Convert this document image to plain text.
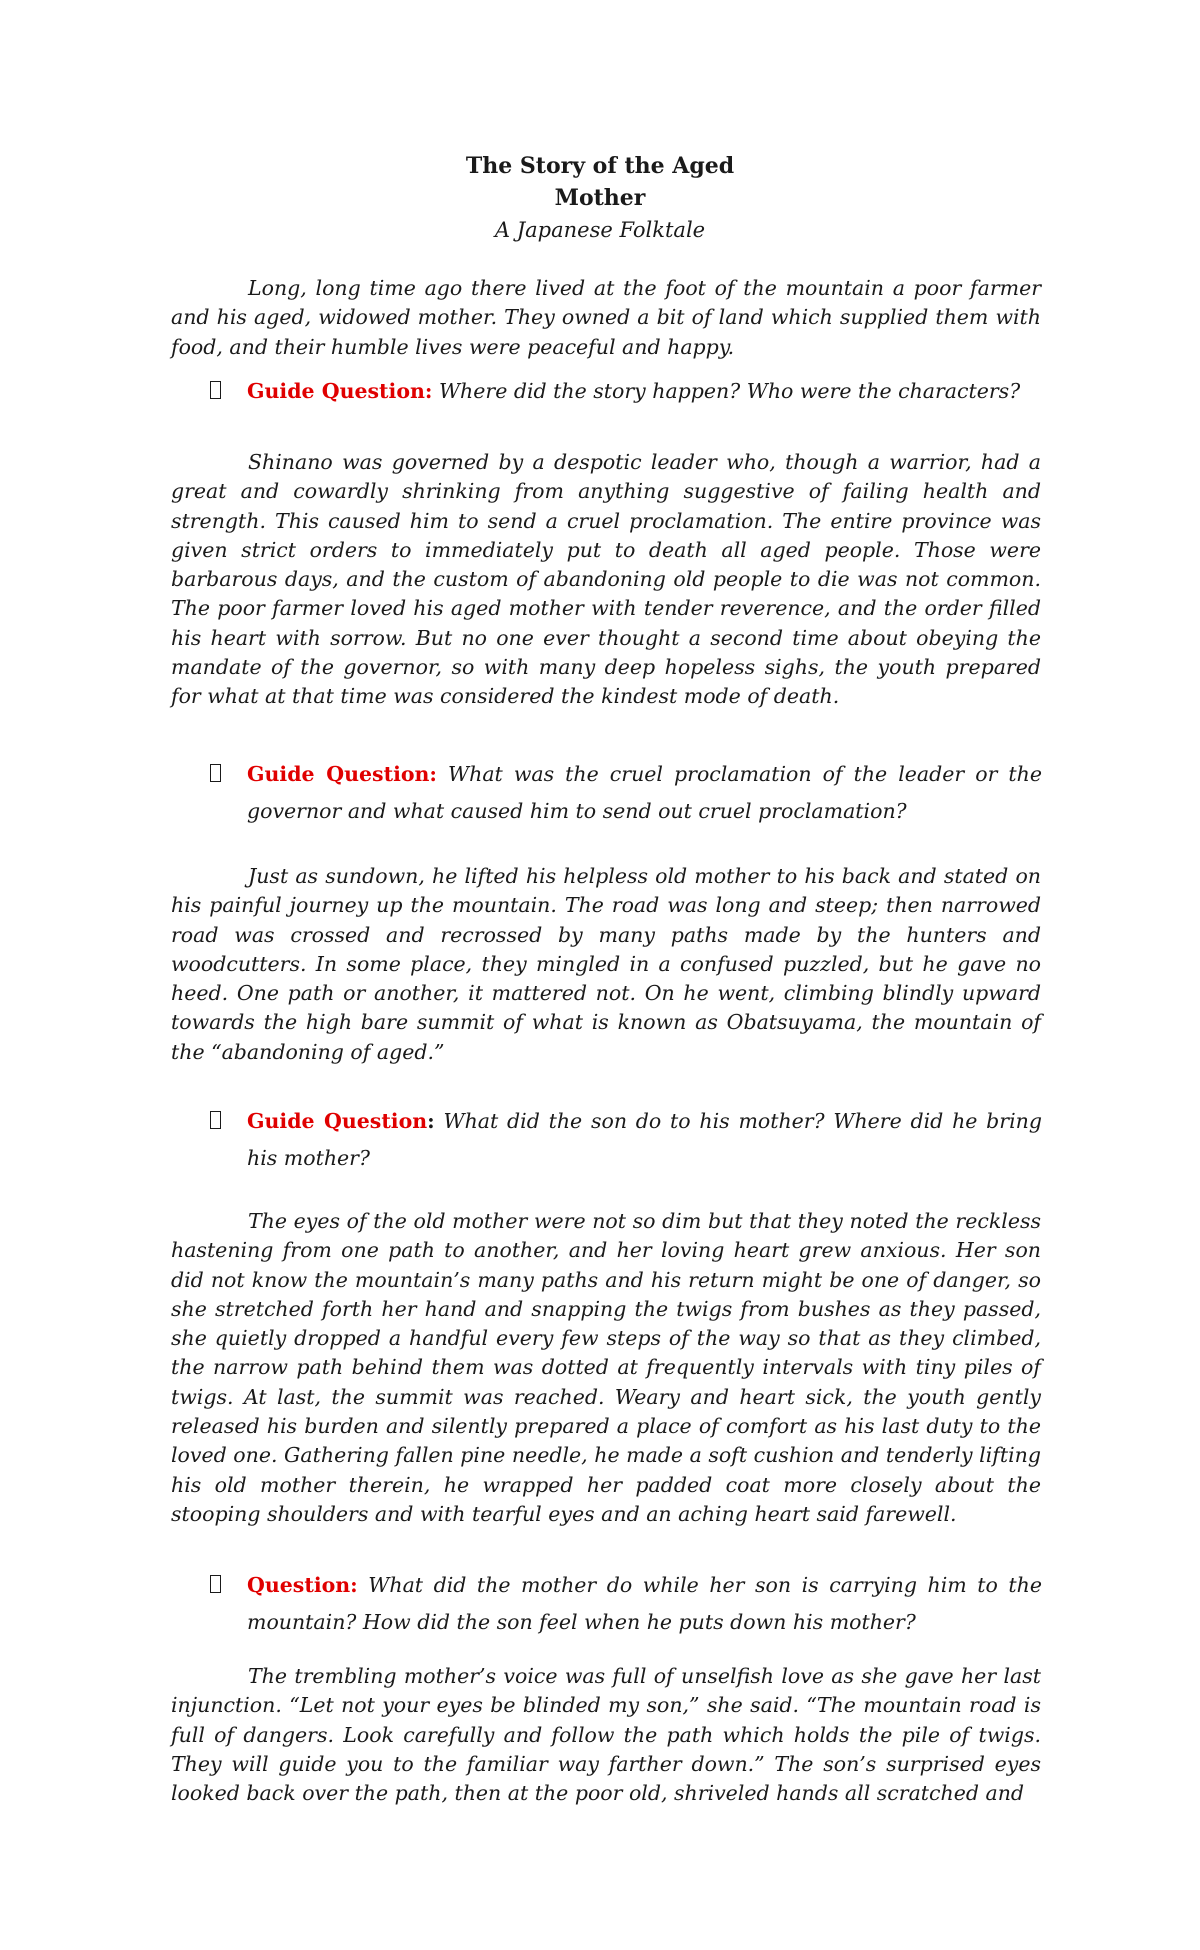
The Story of the Aged
Mother
A Japanese Folktale

Long, long time ago there lived at the foot of the mountain a poor farmer and his aged, widowed mother. They owned a bit of land which supplied them with food, and their humble lives were peaceful and happy.

Guide Question: Where did the story happen? Who were the characters?

Shinano was governed by a despotic leader who, though a warrior, had a great and cowardly shrinking from anything suggestive of failing health and strength. This caused him to send a cruel proclamation. The entire province was given strict orders to immediately put to death all aged people. Those were barbarous days, and the custom of abandoning old people to die was not common. The poor farmer loved his aged mother with tender reverence, and the order filled his heart with sorrow. But no one ever thought a second time about obeying the mandate of the governor, so with many deep hopeless sighs, the youth prepared for what at that time was considered the kindest mode of death.

Guide Question: What was the cruel proclamation of the leader or the governor and what caused him to send out cruel proclamation?

Just as sundown, he lifted his helpless old mother to his back and stated on his painful journey up the mountain. The road was long and steep; then narrowed road was crossed and recrossed by many paths made by the hunters and woodcutters. In some place, they mingled in a confused puzzled, but he gave no heed. One path or another, it mattered not. On he went, climbing blindly upward towards the high bare summit of what is known as Obatsuyama, the mountain of the “abandoning of aged.”

Guide Question: What did the son do to his mother? Where did he bring his mother?

The eyes of the old mother were not so dim but that they noted the reckless hastening from one path to another, and her loving heart grew anxious. Her son did not know the mountain’s many paths and his return might be one of danger, so she stretched forth her hand and snapping the twigs from bushes as they passed, she quietly dropped a handful every few steps of the way so that as they climbed, the narrow path behind them was dotted at frequently intervals with tiny piles of twigs. At last, the summit was reached. Weary and heart sick, the youth gently released his burden and silently prepared a place of comfort as his last duty to the loved one. Gathering fallen pine needle, he made a soft cushion and tenderly lifting his old mother therein, he wrapped her padded coat more closely about the stooping shoulders and with tearful eyes and an aching heart said farewell.

Question: What did the mother do while her son is carrying him to the mountain? How did the son feel when he puts down his mother?

The trembling mother’s voice was full of unselfish love as she gave her last injunction. “Let not your eyes be blinded my son,” she said. “The mountain road is full of dangers. Look carefully and follow the path which holds the pile of twigs. They will guide you to the familiar way farther down.” The son’s surprised eyes looked back over the path, then at the poor old, shriveled hands all scratched and
